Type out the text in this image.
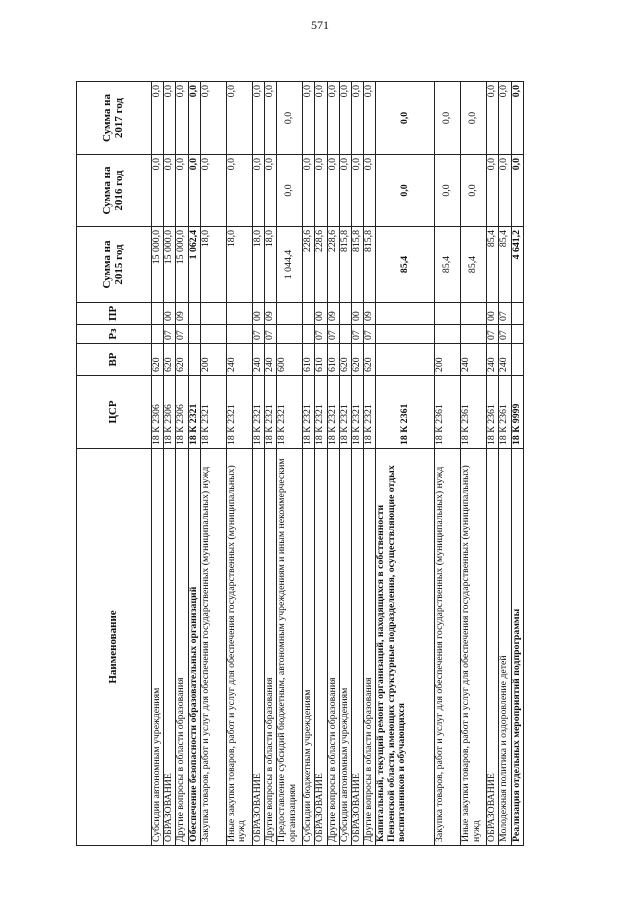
571
Наименование	ЦСР	ВР	Рз	ПР	Сумма на 2015 год	Сумма на 2016 год	Сумма на 2017 год
Субсидии автономным учреждениям	18 К 2306	620			15 000,0	0,0	0,0
ОБРАЗОВАНИЕ	18 К 2306	620	07	00	15 000,0	0,0	0,0
Другие вопросы в области образования	18 К 2306	620	07	09	15 000,0	0,0	0,0
Обеспечение безопасности образовательных организаций	18 К 2321				1 062,4	0,0	0,0
Закупка товаров, работ и услуг для обеспечения государственных (муниципальных) нужд	18 К 2321	200			18,0	0,0	0,0
Иные закупки товаров, работ и услуг для обеспечения государственных (муниципальных) нужд	18 К 2321	240			18,0	0,0	0,0
ОБРАЗОВАНИЕ	18 К 2321	240	07	00	18,0	0,0	0,0
Другие вопросы в области образования	18 К 2321	240	07	09	18,0	0,0	0,0
Предоставление субсидий бюджетным, автономным учреждениям и иным некоммерческим организациям	18 К 2321	600			1 044,4	0,0	0,0
Субсидии бюджетным учреждениям	18 К 2321	610			228,6	0,0	0,0
ОБРАЗОВАНИЕ	18 К 2321	610	07	00	228,6	0,0	0,0
Другие вопросы в области образования	18 К 2321	610	07	09	228,6	0,0	0,0
Субсидии автономным учреждениям	18 К 2321	620			815,8	0,0	0,0
ОБРАЗОВАНИЕ	18 К 2321	620	07	00	815,8	0,0	0,0
Другие вопросы в области образования	18 К 2321	620	07	09	815,8	0,0	0,0
Капитальный, текущий ремонт организаций, находящихся в собственности Пензенской области, имеющих структурные подразделения, осуществляющие отдых воспитанников и обучающихся	18 К 2361				85,4	0,0	0,0
Закупка товаров, работ и услуг для обеспечения государственных (муниципальных) нужд	18 К 2361	200			85,4	0,0	0,0
Иные закупки товаров, работ и услуг для обеспечения государственных (муниципальных) нужд	18 К 2361	240			85,4	0,0	0,0
ОБРАЗОВАНИЕ	18 К 2361	240	07	00	85,4	0,0	0,0
Молодежная политика и оздоровление детей	18 К 2361	240	07	07	85,4	0,0	0,0
Реализация отдельных мероприятий подпрограммы	18 К 9999				4 641,2	0,0	0,0
